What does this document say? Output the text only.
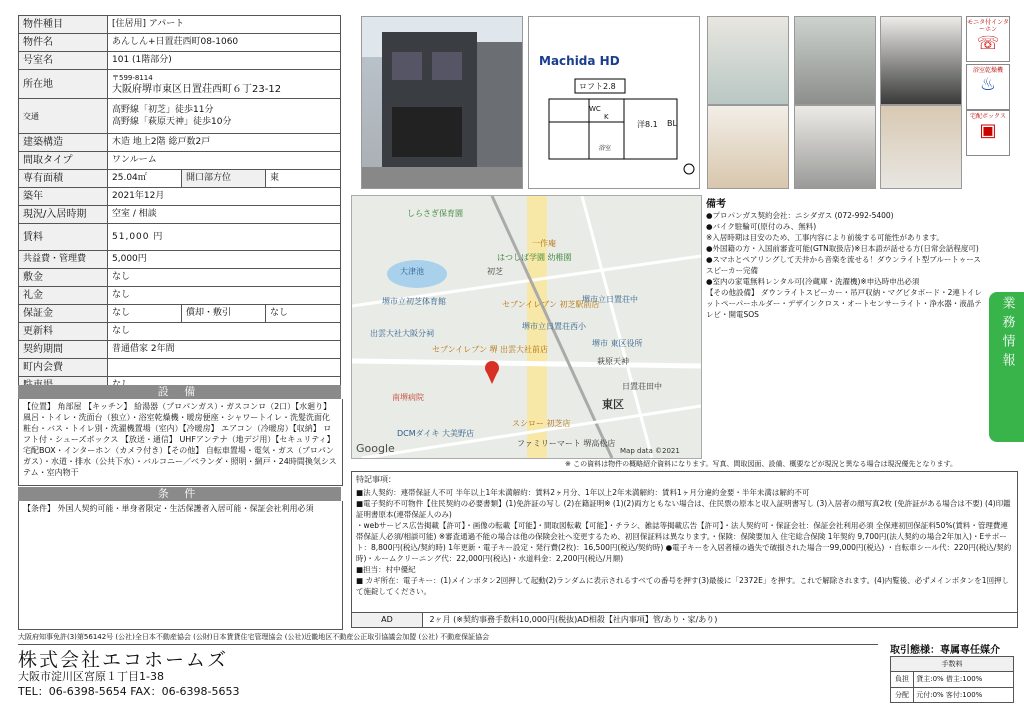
物件種目	[住居用] アパート		
物件名	あんしん+日置荘西町08-1060		
号室名	101 (1階部分)		
所在地	〒599-8114
大阪府堺市東区日置荘西町６丁23-12		

交通	高野線「初芝」徒歩11分
高野線「萩原天神」徒歩10分		

建築構造	木造 地上2階 総戸数2戸		
間取タイプ	ワンルーム		
専有面積	25.04㎡	開口部方位	東
築年	2021年12月		
現況/入居時期	空室 / 相談		
賃料	51,000 円		
共益費・管理費	5,000円		
敷金	なし		
礼金	なし		
保証金	なし	償却・敷引	なし
更新料	なし		
契約期間	普通借家 2年間		
町内会費			

設 備
【位置】 角部屋 【キッチン】 給湯器（プロパンガス）・ガスコンロ（2口）【水廻り】 風呂・トイレ・洗面台（独立）・浴室乾燥機・暖房便座・シャワートイレ・洗髪洗面化粧台・バス・トイレ別・洗濯機置場（室内）【冷暖房】 エアコン（冷暖房）【収納】 ロフト付・シューズボックス 【放送・通信】 UHFアンテナ（地デジ用）【セキュリティ】 宅配BOX・インターホン（カメラ付き）【その他】 自転車置場・電気・ガス（プロパンガス）・水道・排水（公共下水）・バルコニー／ベランダ・照明・網戸・24時間換気システム・室内物干
条 件
【条件】 外国人契約可能・単身者限定・生活保護者入居可能・保証会社利用必須
Machida HD
ロフト2.8
WC
K
洋8.1 BL
浴室
モニタ付インターホン
☏
浴室乾燥機
♨
宅配ボックス
▣
しらさぎ保育園
一作庵
はつしば学園 幼稚園
大津池	初芝
堺市立初芝体育館	セブンイレブン 初芝駅前店
堺市立日置荘中
堺市立日置荘西小
出雲大社大阪分祠
セブンイレブン 堺 出雲大社前店
萩原天神
堺市 東区役所
日置荘田中
南堺病院
東区
スシロー 初芝店
DCMダイキ 大美野店
ファミリーマート 堺高松店
Google	Map data ©2021
※ この資料は物件の概略紹介資料になります。写真、間取図面、設備、概要などが現況と異なる場合は現況優先となります。
備考
●プロパンガス契約会社：ニシダガス (072-992-5400)
●バイク駐輪可(原付のみ、無料)
※入居時期は目安のため、工事内容により前後する可能性があります。
●外国籍の方・入国前審査可能(GTN取扱店)※日本語が話せる方(日常会話程度可)
●スマホとペアリングして天井から音楽を流せる！ダウンライト型ブルートゥーススピーカー完備
●室内の家電無料レンタル可(冷蔵庫・洗濯機)※申込時申出必須
【その他設備】 ダウンライトスピーカー・吊戸収納・マグビタボード・2連トイレットペーパーホルダー・デザインクロス・オートセンサーライト・浄水器・液晶テレビ・開電SOS	業務情報
特記事項：
■法人契約：連帯保証人不可 半年以上1年未満解約：賃料2ヶ月分、1年以上2年未満解約：賃料1ヶ月分違約金要・半年未満は解約不可
■電子契約不可物件【住民契約の必要書類】(1)免許証の写し (2)在籍証明※ (1)(2)両方ともない場合は、住民票の原本と収入証明書写し (3)入居者の顔写真2枚 (免許証がある場合は不要) (4)印鑑証明書原本(連帯保証人のみ)
・webサービス広告掲載【許可】・画像の転載【可能】・間取図転載【可能】・チラシ、雑誌等掲載広告【許可】・法人契約可・保証会社：保証会社利用必須 全保連初回保証料50%(賃料・管理費連帯保証人必須/相談可能) ※審査通過不能の場合は他の保険会社へ変更するため、初回保証料は異なります。・保険：保険要加入 住宅総合保険 1年契約 9,700円(法人契約の場合2年加入)・Eサポート：8,800円(税込/契約時) 1年更新・電子キー設定・発行費(2枚)：16,500円(税込/契約時) ●電子キーを入居者様の過失で破損された場合一99,000円(税込) ・自転車シール代：220円(税込/契約時)・ルームクリーニング代：22,000円(税込)・水道料金：2,200円(税込/月額)
■担当：村中優紀
■ カギ所在：電子キー：(1)メインボタン2回押して起動(2)ランダムに表示されるすべての番号を押す(3)最後に「2372E」を押す。これで解除されます。(4)内覧後、必ずメインボタンを1回押して施錠してください。
AD	2ヶ月 (※契約事務手数料10,000円(税抜)AD相殺【社内事項】管/あり・家/あり)
大阪府知事免許(3)第56142号 (公社)全日本不動産協会 (公財)日本賃貸住宅管理協会 (公社)近畿地区不動産公正取引協議会加盟 (公社) 不動産保証協会
株式会社エコホームズ
大阪市淀川区宮原１丁目1-38
TEL：06-6398-5654 FAX：06-6398-5653
取引態様：専属専任媒介
手数料
負担 貸主:0% 借主:100%
分配 元付:0% 客付:100%
